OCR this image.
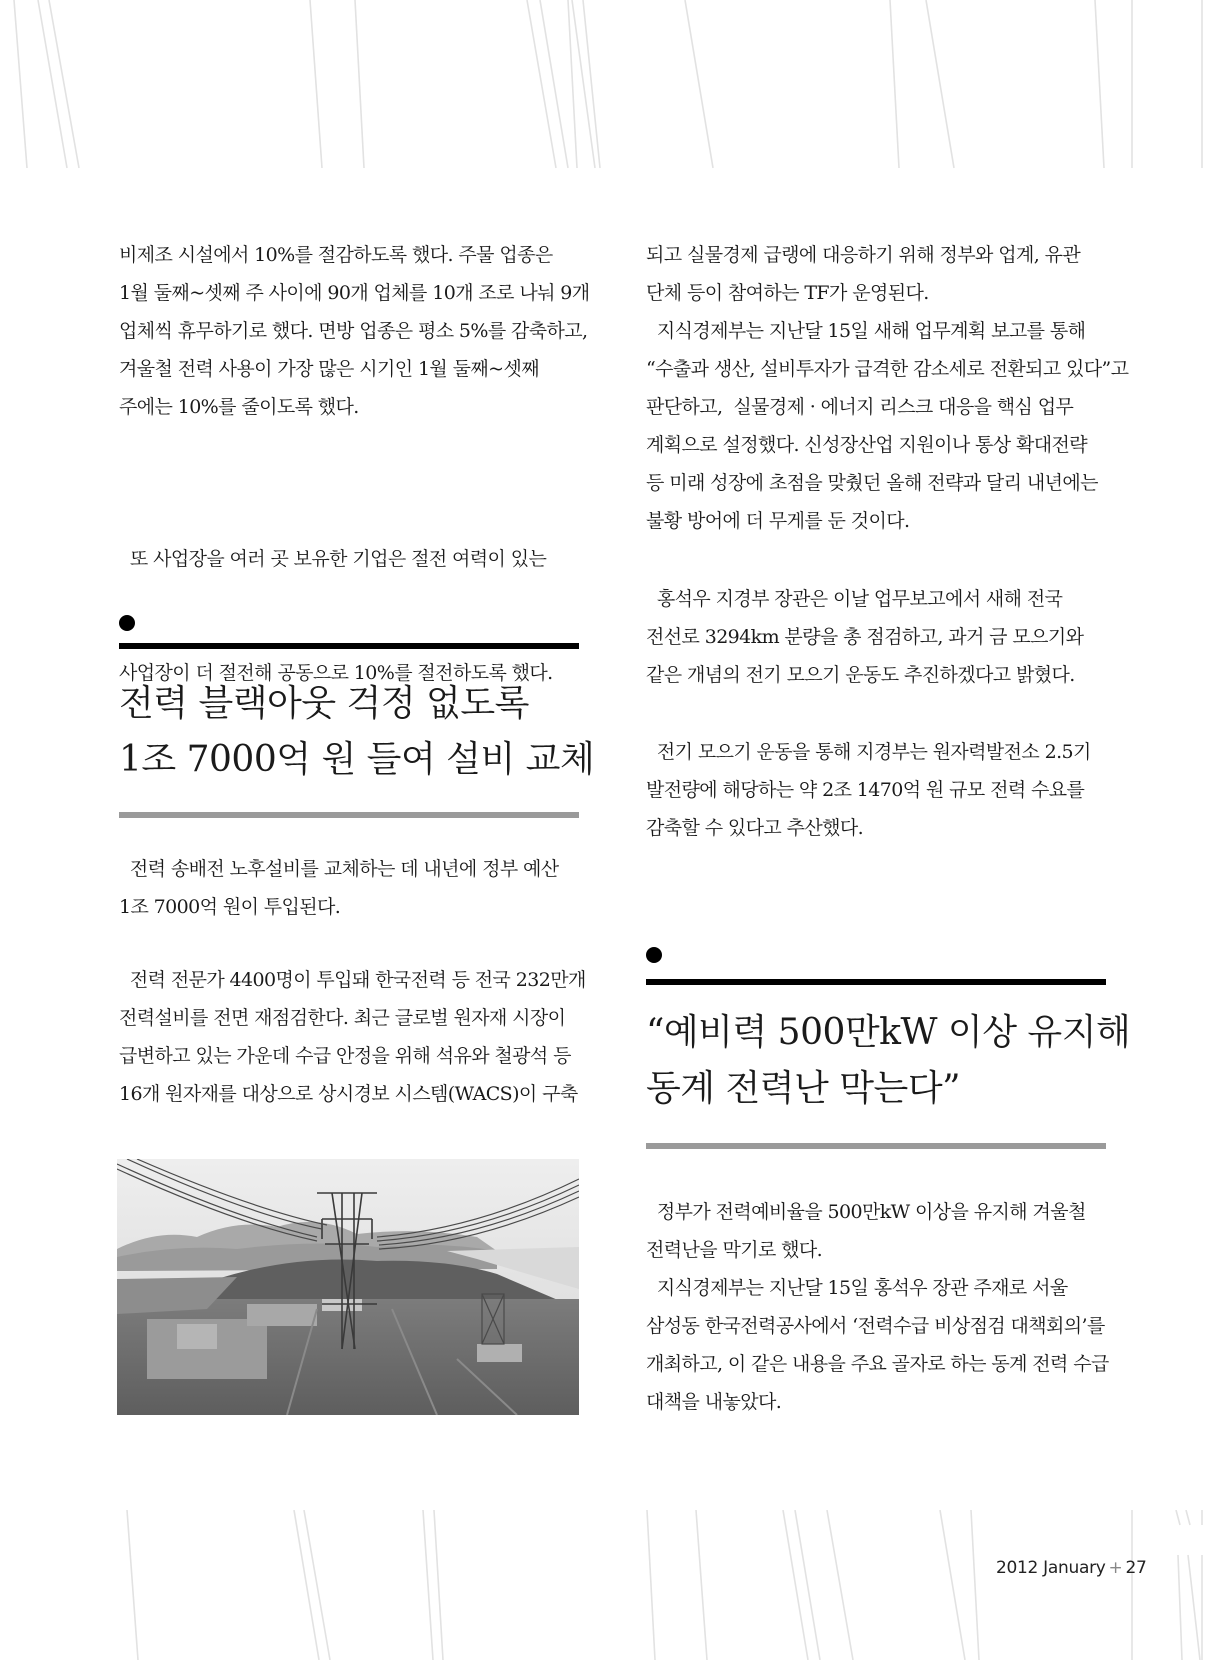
비제조 시설에서 10%를 절감하도록 했다. 주물 업종은
1월 둘째~셋째 주 사이에 90개 업체를 10개 조로 나눠 9개
업체씩 휴무하기로 했다. 면방 업종은 평소 5%를 감축하고,
겨울철 전력 사용이 가장 많은 시기인 1월 둘째~셋째
주에는 10%를 줄이도록 했다.

또 사업장을 여러 곳 보유한 기업은 절전 여력이 있는

사업장이 더 절전해 공동으로 10%를 절전하도록 했다.

전력 블랙아웃 걱정 없도록
1조 7000억 원 들여 설비 교체

전력 송배전 노후설비를 교체하는 데 내년에 정부 예산
1조 7000억 원이 투입된다.

전력 전문가 4400명이 투입돼 한국전력 등 전국 232만개
전력설비를 전면 재점검한다. 최근 글로벌 원자재 시장이
급변하고 있는 가운데 수급 안정을 위해 석유와 철광석 등
16개 원자재를 대상으로 상시경보 시스템(WACS)이 구축

되고 실물경제 급랭에 대응하기 위해 정부와 업계, 유관
단체 등이 참여하는 TF가 운영된다.

지식경제부는 지난달 15일 새해 업무계획 보고를 통해
“수출과 생산, 설비투자가 급격한 감소세로 전환되고 있다”고
판단하고,  실물경제 · 에너지 리스크 대응을 핵심 업무
계획으로 설정했다. 신성장산업 지원이나 통상 확대전략
등 미래 성장에 초점을 맞췄던 올해 전략과 달리 내년에는
불황 방어에 더 무게를 둔 것이다.

홍석우 지경부 장관은 이날 업무보고에서 새해 전국
전선로 3294km 분량을 총 점검하고, 과거 금 모으기와
같은 개념의 전기 모으기 운동도 추진하겠다고 밝혔다.

전기 모으기 운동을 통해 지경부는 원자력발전소 2.5기
발전량에 해당하는 약 2조 1470억 원 규모 전력 수요를
감축할 수 있다고 추산했다.

“예비력 500만kW 이상 유지해
동계 전력난 막는다”

정부가 전력예비율을 500만kW 이상을 유지해 겨울철
전력난을 막기로 했다.

지식경제부는 지난달 15일 홍석우 장관 주재로 서울
삼성동 한국전력공사에서 ‘전력수급 비상점검 대책회의’를
개최하고, 이 같은 내용을 주요 골자로 하는 동계 전력 수급
대책을 내놓았다.

2012 January + 27
